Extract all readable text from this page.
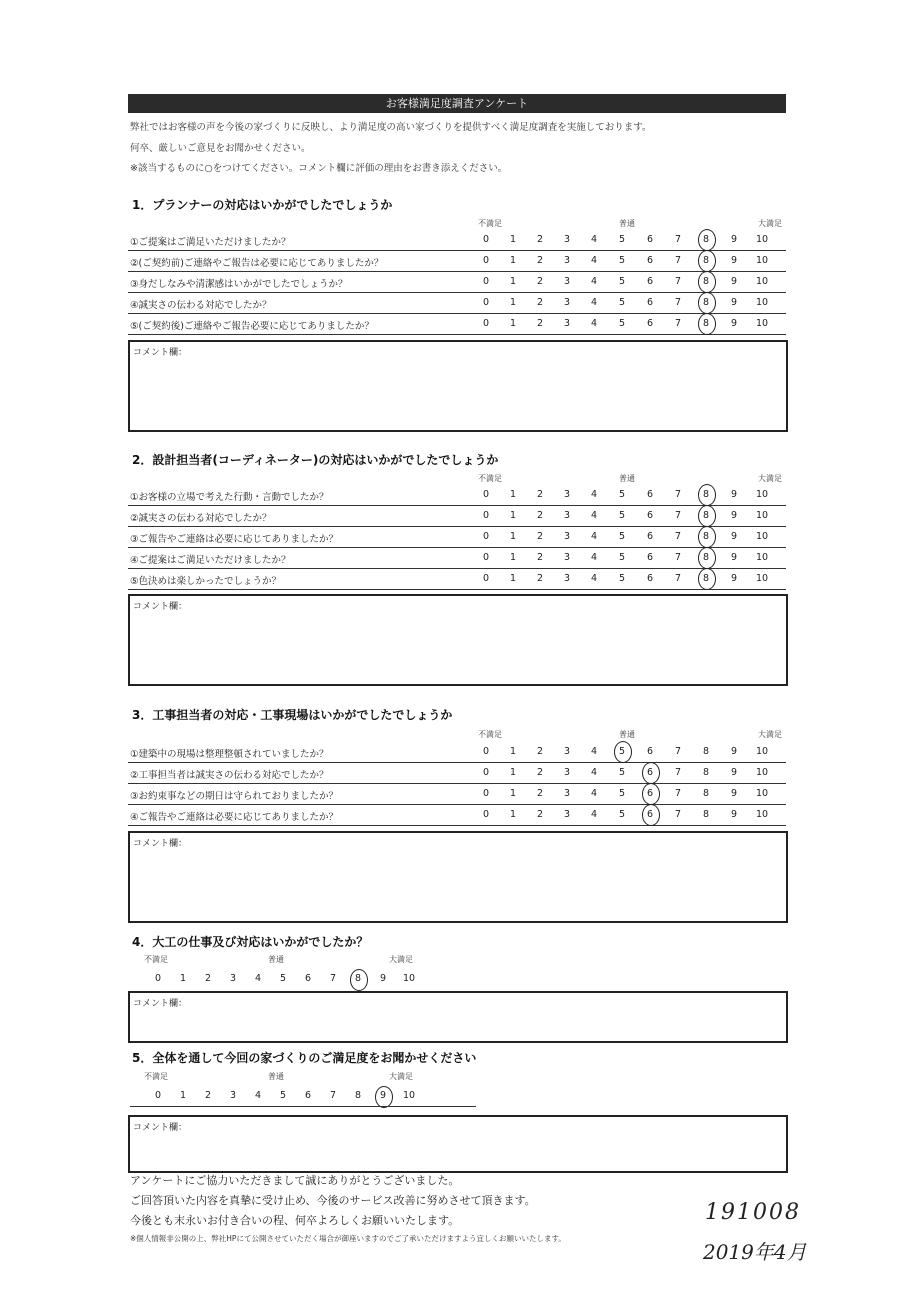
お客様満足度調査アンケート
弊社ではお客様の声を今後の家づくりに反映し、より満足度の高い家づくりを提供すべく満足度調査を実施しております。
何卒、厳しいご意見をお聞かせください。
※該当するものに○をつけてください。コメント欄に評価の理由をお書き添えください。
1．プランナーの対応はいかがでしたでしょうか
不満足	普通	大満足
①ご提案はご満足いただけましたか？	0	1	2	3	4	5	6	7	8	9	10
②(ご契約前)ご連絡やご報告は必要に応じてありましたか？	0	1	2	3	4	5	6	7	8	9	10
③身だしなみや清潔感はいかがでしたでしょうか？	0	1	2	3	4	5	6	7	8	9	10
④誠実さの伝わる対応でしたか？	0	1	2	3	4	5	6	7	8	9	10
⑤(ご契約後)ご連絡やご報告必要に応じてありましたか？	0	1	2	3	4	5	6	7	8	9	10
コメント欄：
2．設計担当者(コーディネーター)の対応はいかがでしたでしょうか
不満足	普通	大満足
①お客様の立場で考えた行動・言動でしたか？	0	1	2	3	4	5	6	7	8	9	10
②誠実さの伝わる対応でしたか？	0	1	2	3	4	5	6	7	8	9	10
③ご報告やご連絡は必要に応じてありましたか？	0	1	2	3	4	5	6	7	8	9	10
④ご提案はご満足いただけましたか？	0	1	2	3	4	5	6	7	8	9	10
⑤色決めは楽しかったでしょうか？	0	1	2	3	4	5	6	7	8	9	10
コメント欄：
3．工事担当者の対応・工事現場はいかがでしたでしょうか
不満足	普通	大満足
①建築中の現場は整理整頓されていましたか？	0	1	2	3	4	5	6	7	8	9	10
②工事担当者は誠実さの伝わる対応でしたか？	0	1	2	3	4	5	6	7	8	9	10
③お約束事などの期日は守られておりましたか？	0	1	2	3	4	5	6	7	8	9	10
④ご報告やご連絡は必要に応じてありましたか？	0	1	2	3	4	5	6	7	8	9	10
コメント欄：
4．大工の仕事及び対応はいかがでしたか？
不満足	普通	大満足
0	1	2	3	4	5	6	7	8	9	10
コメント欄：
5．全体を通して今回の家づくりのご満足度をお聞かせください
不満足	普通	大満足
0	1	2	3	4	5	6	7	8	9	10
コメント欄：
アンケートにご協力いただきまして誠にありがとうございました。
ご回答頂いた内容を真摯に受け止め、今後のサービス改善に努めさせて頂きます。
今後とも末永いお付き合いの程、何卒よろしくお願いいたします。
※個人情報非公開の上、弊社HPにて公開させていただく場合が御座いますのでご了承いただけますよう宜しくお願いいたします。
191008
2019年4月
